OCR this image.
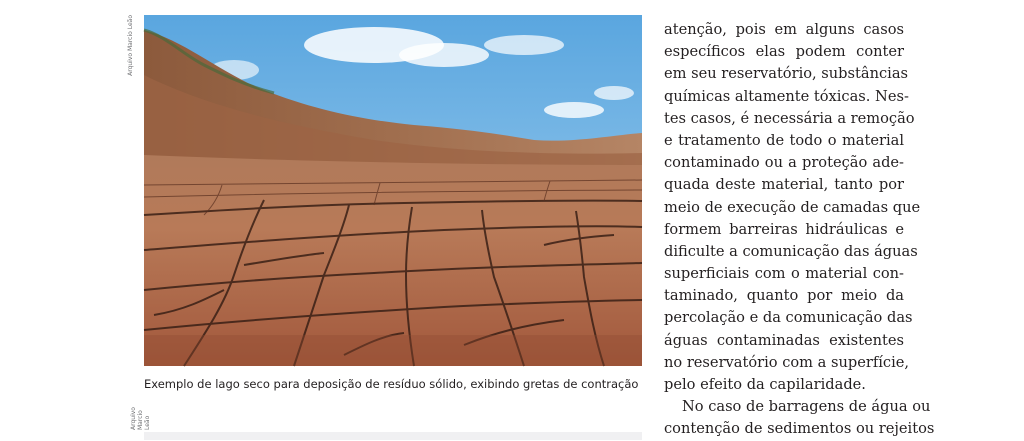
Arquivo Marcio Leão
Exemplo de lago seco para deposição de resíduo sólido, exibindo gretas de contração
atenção, pois em alguns casos
específicos elas podem conter
em seu reservatório, substâncias
químicas altamente tóxicas. Nes-
tes casos, é necessária a remoção
e tratamento de todo o material
contaminado ou a proteção ade-
quada deste material, tanto por
meio de execução de camadas que
formem barreiras hidráulicas e
dificulte a comunicação das águas
superficiais com o material con-
taminado, quanto por meio da
percolação e da comunicação das
águas contaminadas existentes
no reservatório com a superfície,
pelo efeito da capilaridade.
No caso de barragens de água ou
contenção de sedimentos ou rejeitos
Arquivo Marcio Leão
